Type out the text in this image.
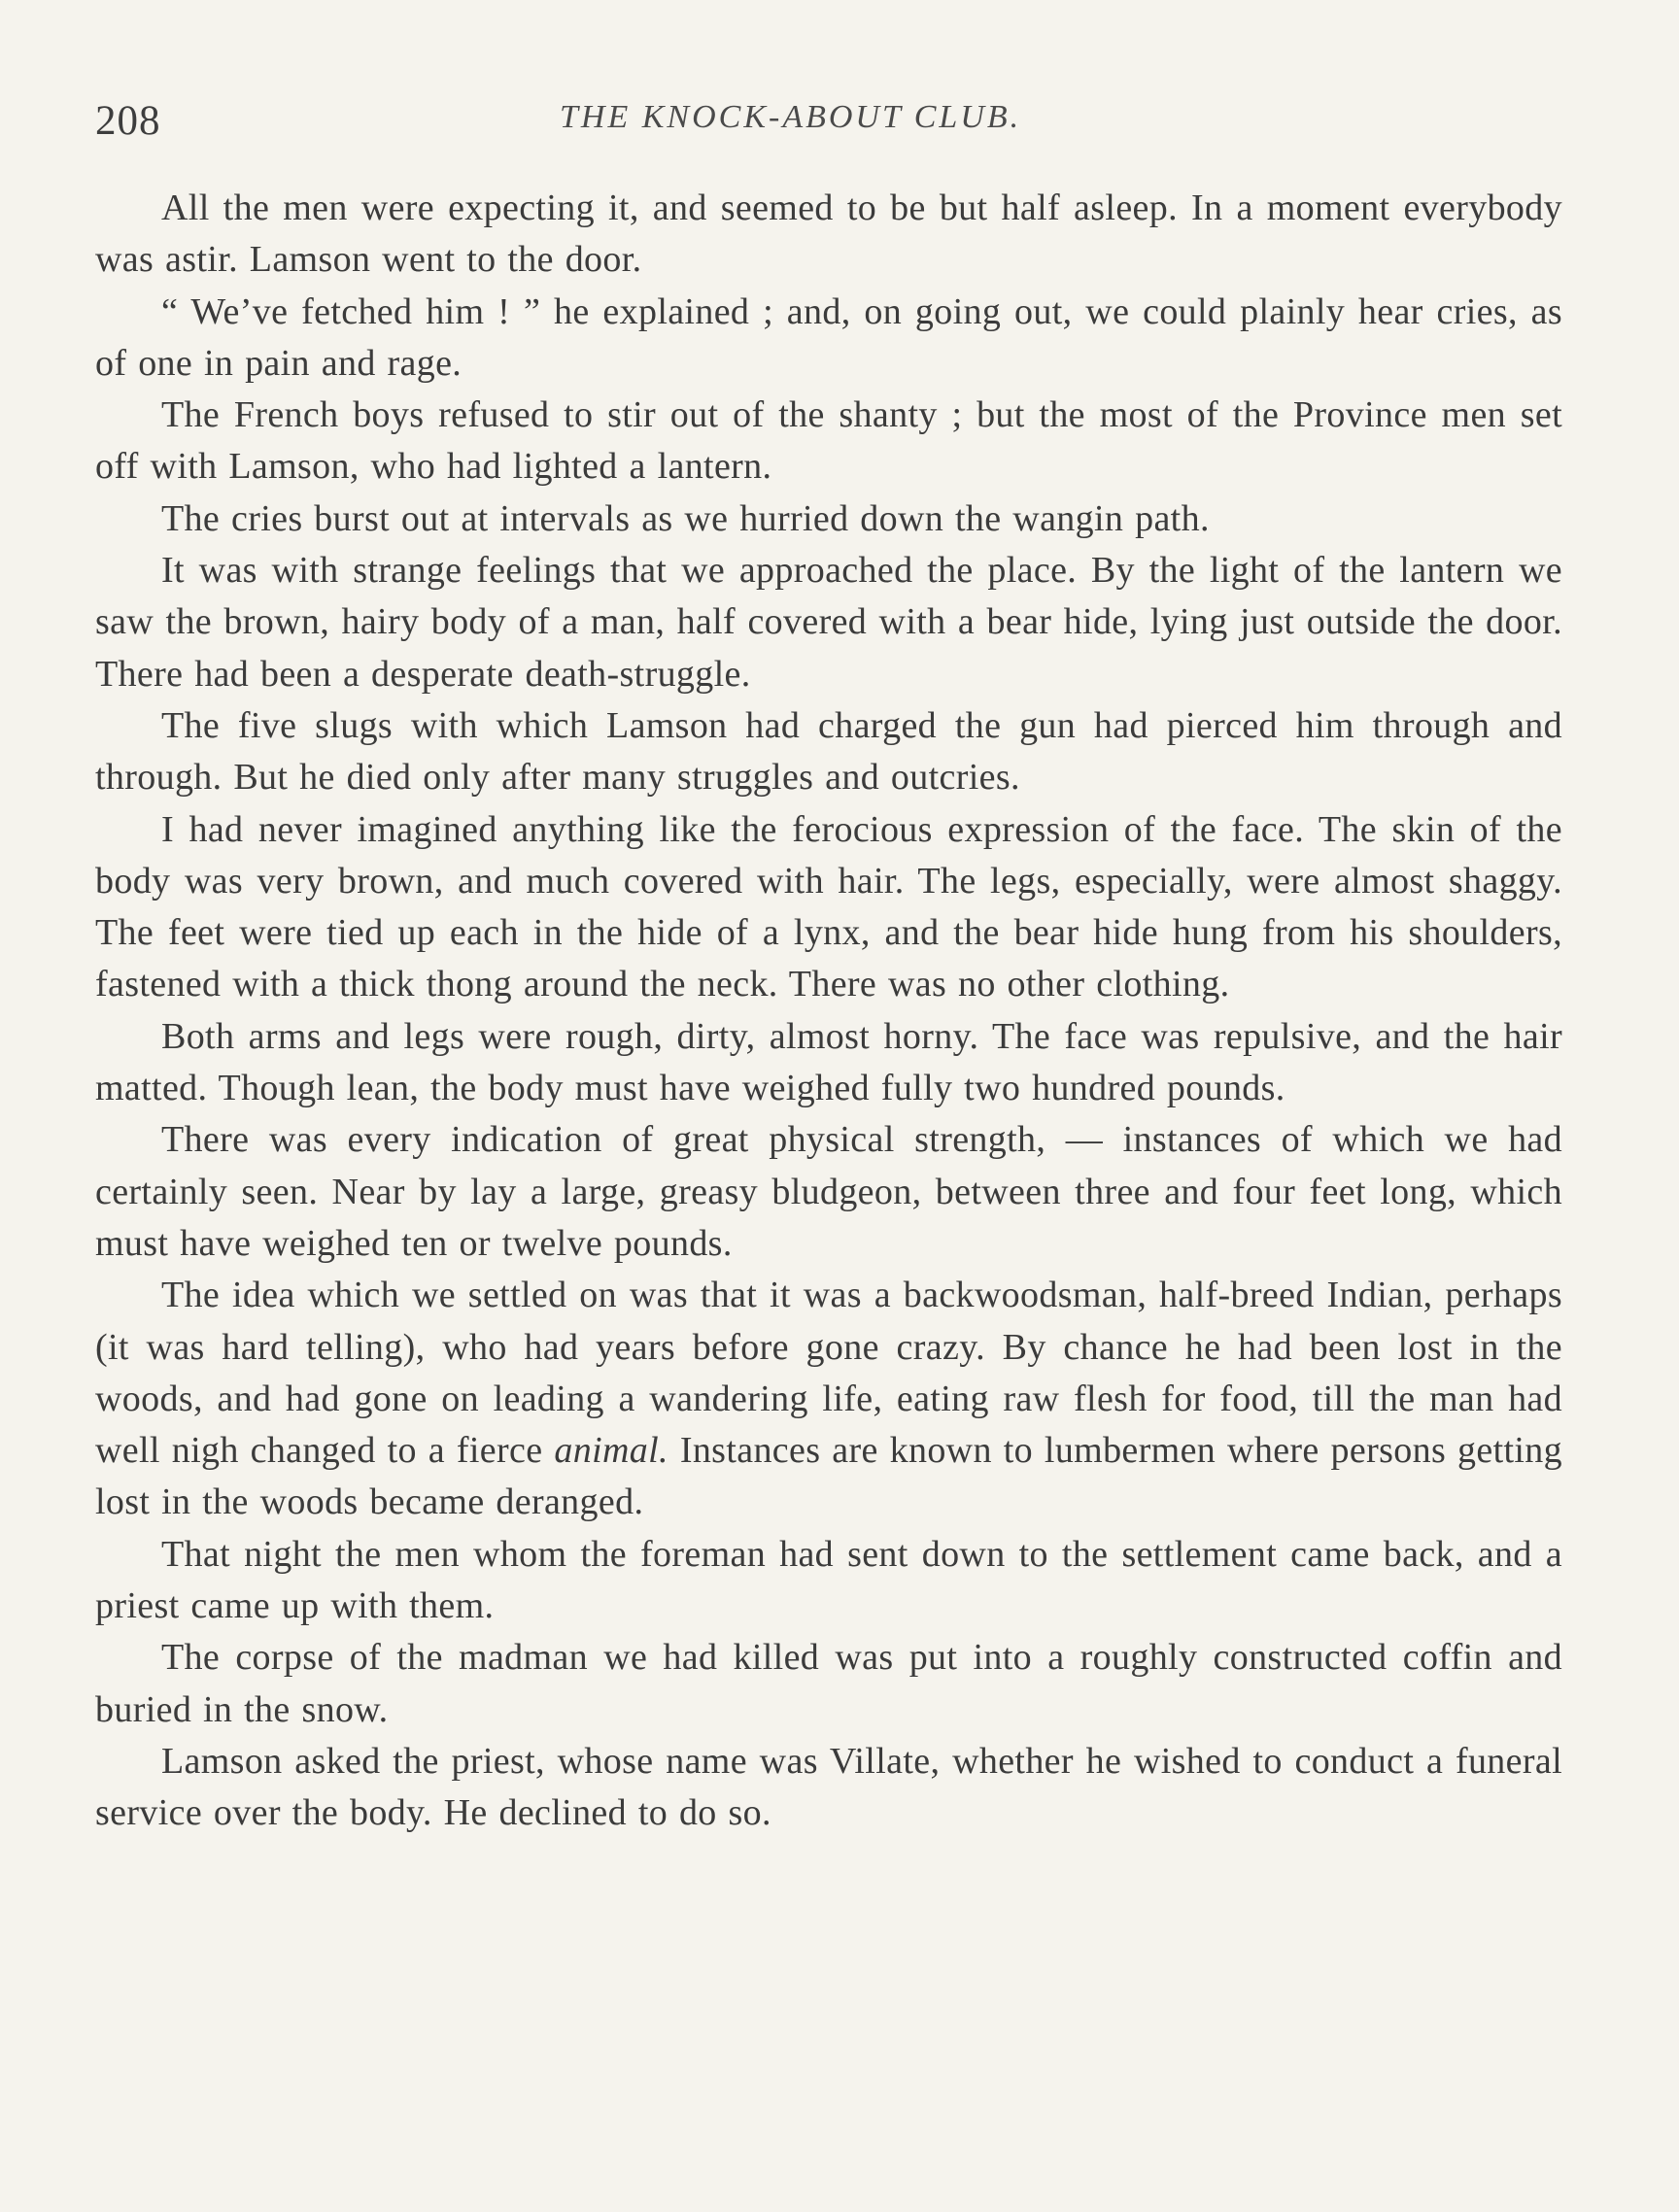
208	THE KNOCK-ABOUT CLUB.

All the men were expecting it, and seemed to be but half asleep. In a moment everybody was astir. Lamson went to the door.

“ We’ve fetched him ! ” he explained ; and, on going out, we could plainly hear cries, as of one in pain and rage.

The French boys refused to stir out of the shanty ; but the most of the Province men set off with Lamson, who had lighted a lantern.

The cries burst out at intervals as we hurried down the wangin path.

It was with strange feelings that we approached the place. By the light of the lantern we saw the brown, hairy body of a man, half covered with a bear hide, lying just outside the door. There had been a desperate death-struggle.

The five slugs with which Lamson had charged the gun had pierced him through and through. But he died only after many struggles and outcries.

I had never imagined anything like the ferocious expression of the face. The skin of the body was very brown, and much covered with hair. The legs, especially, were almost shaggy. The feet were tied up each in the hide of a lynx, and the bear hide hung from his shoulders, fastened with a thick thong around the neck. There was no other clothing.

Both arms and legs were rough, dirty, almost horny. The face was repulsive, and the hair matted. Though lean, the body must have weighed fully two hundred pounds.

There was every indication of great physical strength, — instances of which we had certainly seen. Near by lay a large, greasy bludgeon, between three and four feet long, which must have weighed ten or twelve pounds.

The idea which we settled on was that it was a backwoodsman, half-breed Indian, perhaps (it was hard telling), who had years before gone crazy. By chance he had been lost in the woods, and had gone on leading a wandering life, eating raw flesh for food, till the man had well nigh changed to a fierce animal. Instances are known to lumbermen where persons getting lost in the woods became deranged.

That night the men whom the foreman had sent down to the settlement came back, and a priest came up with them.

The corpse of the madman we had killed was put into a roughly constructed coffin and buried in the snow.

Lamson asked the priest, whose name was Villate, whether he wished to conduct a funeral service over the body. He declined to do so.
